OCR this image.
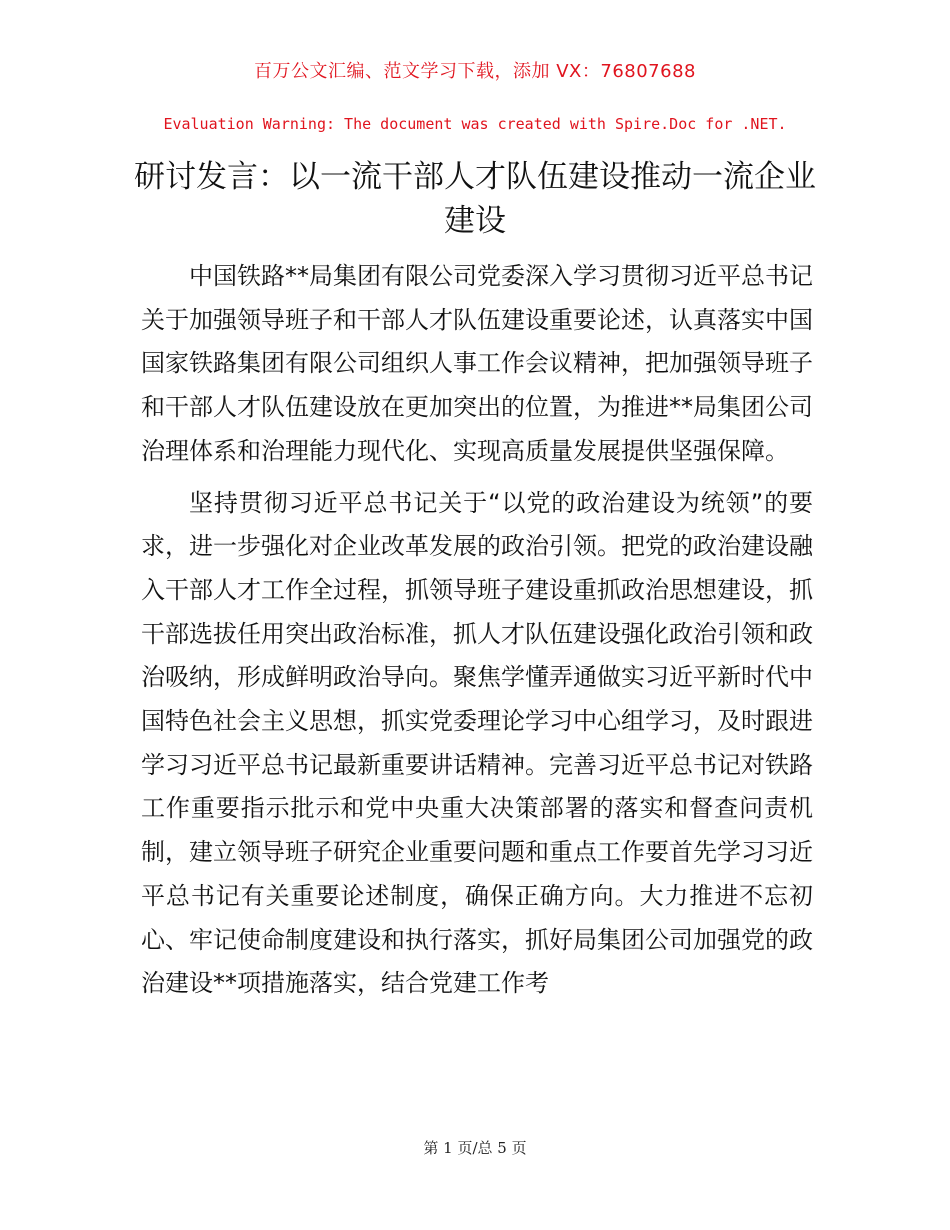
百万公文汇编、范文学习下载，添加 VX：76807688
Evaluation Warning: The document was created with Spire.Doc for .NET.
研讨发言：以一流干部人才队伍建设推动一流企业建设

中国铁路**局集团有限公司党委深入学习贯彻习近平总书记关于加强领导班子和干部人才队伍建设重要论述，认真落实中国国家铁路集团有限公司组织人事工作会议精神，把加强领导班子和干部人才队伍建设放在更加突出的位置，为推进**局集团公司治理体系和治理能力现代化、实现高质量发展提供坚强保障。

坚持贯彻习近平总书记关于“以党的政治建设为统领”的要求，进一步强化对企业改革发展的政治引领。把党的政治建设融入干部人才工作全过程，抓领导班子建设重抓政治思想建设，抓干部选拔任用突出政治标准，抓人才队伍建设强化政治引领和政治吸纳，形成鲜明政治导向。聚焦学懂弄通做实习近平新时代中国特色社会主义思想，抓实党委理论学习中心组学习，及时跟进学习习近平总书记最新重要讲话精神。完善习近平总书记对铁路工作重要指示批示和党中央重大决策部署的落实和督查问责机制，建立领导班子研究企业重要问题和重点工作要首先学习习近平总书记有关重要论述制度，确保正确方向。大力推进不忘初心、牢记使命制度建设和执行落实，抓好局集团公司加强党的政治建设**项措施落实，结合党建工作考

第 1 页/总 5 页
